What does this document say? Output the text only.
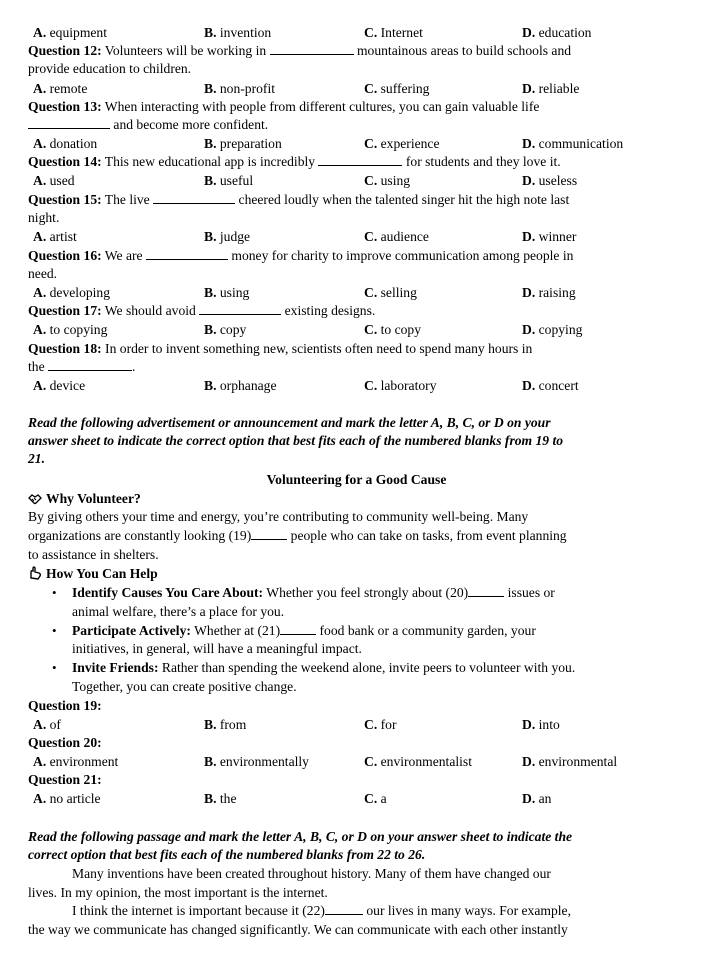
A. equipment	B. invention	C. Internet	D. education
Question 12: Volunteers will be working in	mountainous areas to build schools and
provide education to children.
A. remote	B. non-profit	C. suffering	D. reliable
Question 13: When interacting with people from different cultures, you can gain valuable life
and become more confident.
A. donation	B. preparation	C. experience	D. communication
Question 14: This new educational app is incredibly	for students and they love it.
A. used	B. useful	C. using	D. useless
Question 15: The live	cheered loudly when the talented singer hit the high note last
night.
A. artist	B. judge	C. audience	D. winner
Question 16: We are	money for charity to improve communication among people in
need.
A. developing	B. using	C. selling	D. raising
Question 17: We should avoid	existing designs.
A. to copying	B. copy	C. to copy	D. copying
Question 18: In order to invent something new, scientists often need to spend many hours in
the	.
A. device	B. orphanage	C. laboratory	D. concert
Read the following advertisement or announcement and mark the letter A, B, C, or D on your
answer sheet to indicate the correct option that best fits each of the numbered blanks from 19 to
21.
Volunteering for a Good Cause
Why Volunteer?
By giving others your time and energy, you’re contributing to community well-being. Many
organizations are constantly looking (19)	people who can take on tasks, from event planning
to assistance in shelters.
How You Can Help
•	Identify Causes You Care About: Whether you feel strongly about (20)	issues or
animal welfare, there’s a place for you.
•	Participate Actively: Whether at (21)	food bank or a community garden, your
initiatives, in general, will have a meaningful impact.
•	Invite Friends: Rather than spending the weekend alone, invite peers to volunteer with you.
Together, you can create positive change.
Question 19:
A. of	B. from	C. for	D. into
Question 20:
A. environment	B. environmentally	C. environmentalist	D. environmental
Question 21:
A. no article	B. the	C. a	D. an
Read the following passage and mark the letter A, B, C, or D on your answer sheet to indicate the
correct option that best fits each of the numbered blanks from 22 to 26.
Many inventions have been created throughout history. Many of them have changed our
lives. In my opinion, the most important is the internet.
I think the internet is important because it (22)	our lives in many ways. For example,
the way we communicate has changed significantly. We can communicate with each other instantly
